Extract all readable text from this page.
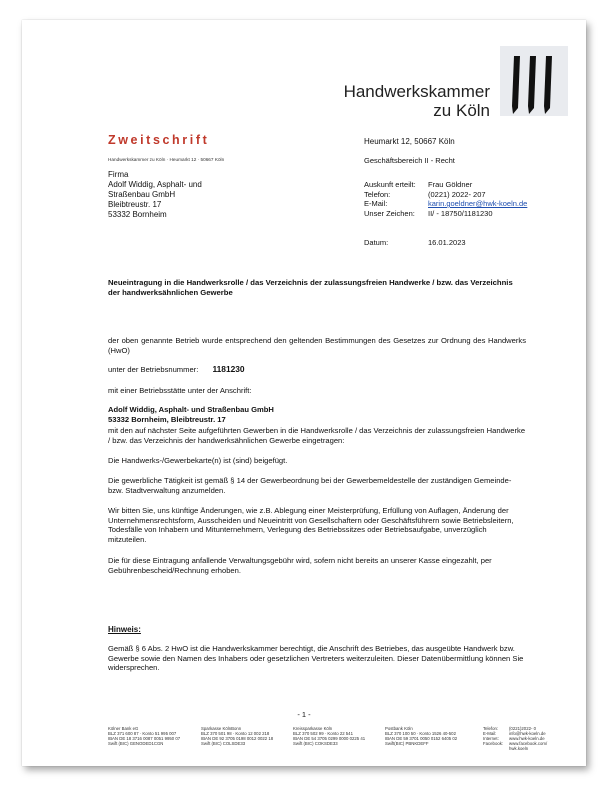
Handwerkskammer
zu Köln
Zweitschrift
Handwerkskammer zu Köln · Heumarkt 12 · 50667 Köln
Heumarkt 12, 50667 Köln
Geschäftsbereich II - Recht
Firma
Adolf Widdig, Asphalt- und
Straßenbau GmbH
Bleibtreustr. 17
53332 Bornheim
Auskunft erteilt:
Telefon:
E-Mail:
Unser Zeichen:
Frau Göldner
(0221) 2022- 207
karin.goeldner@hwk-koeln.de
II/ - 18750/1181230
Datum:	16.01.2023
Neueintragung in die Handwerksrolle / das Verzeichnis der zulassungsfreien Handwerke / bzw. das Verzeichnis der handwerksähnlichen Gewerbe
der oben genannte Betrieb wurde entsprechend den geltenden Bestimmungen des Gesetzes zur Ordnung des Handwerks (HwO)
unter der Betriebsnummer: 1181230
mit einer Betriebsstätte unter der Anschrift:
Adolf Widdig, Asphalt- und Straßenbau GmbH
53332 Bornheim, Bleibtreustr. 17
mit den auf nächster Seite aufgeführten Gewerben in die Handwerksrolle / das Verzeichnis der zulassungsfreien Handwerke / bzw. das Verzeichnis der handwerksähnlichen Gewerbe eingetragen:
Die Handwerks-/Gewerbekarte(n) ist (sind) beigefügt.
Die gewerbliche Tätigkeit ist gemäß § 14 der Gewerbeordnung bei der Gewerbemeldestelle der zuständigen Gemeinde- bzw. Stadtverwaltung anzumelden.
Wir bitten Sie, uns künftige Änderungen, wie z.B. Ablegung einer Meisterprüfung, Erfüllung von Auflagen, Änderung der Unternehmensrechtsform, Ausscheiden und Neueintritt von Gesellschaftern oder Geschäftsführern sowie Betriebsleitern, Todesfälle von Inhabern und Mitunternehmern, Verlegung des Betriebssitzes oder Betriebsaufgabe, unverzüglich mitzuteilen.
Die für diese Eintragung anfallende Verwaltungsgebühr wird, sofern nicht bereits an unserer Kasse eingezahlt, per Gebührenbescheid/Rechnung erhoben.
Hinweis:
Gemäß § 6 Abs. 2 HwO ist die Handwerkskammer berechtigt, die Anschrift des Betriebes, das ausgeübte Handwerk bzw. Gewerbe sowie den Namen des Inhabers oder gesetzlichen Vertreters weiterzuleiten. Dieser Datenübermittlung können Sie widersprechen.
- 1 -
Kölner Bank eG
BLZ 371 600 87 · Konto 51 995 007
IBAN DE 18 3716 0087 0051 9950 07
Swift (BIC) GENODED1CGN
Sparkasse KölnBonn
BLZ 370 501 98 · Konto 12 002 218
IBAN DE 92 3705 0198 0012 0022 18
Swift (BIC) COLSDE33
Kreissparkasse Köln
BLZ 370 502 99 · Konto 22 541
IBAN DE 54 3705 0299 0000 0225 41
Swift (BIC) COKSDE33
Postbank Köln
BLZ 370 100 50 · Konto 1526 40-502
IBAN DE 59 3701 0050 0152 6405 02
Swift(BIC) PBNKDEFF
Telefon:
E-Mail:
Internet:
Facebook:
(0221)2022- 0
info@hwk-koeln.de
www.hwk-koeln.de
www.facebook.com/
hwk.koeln
